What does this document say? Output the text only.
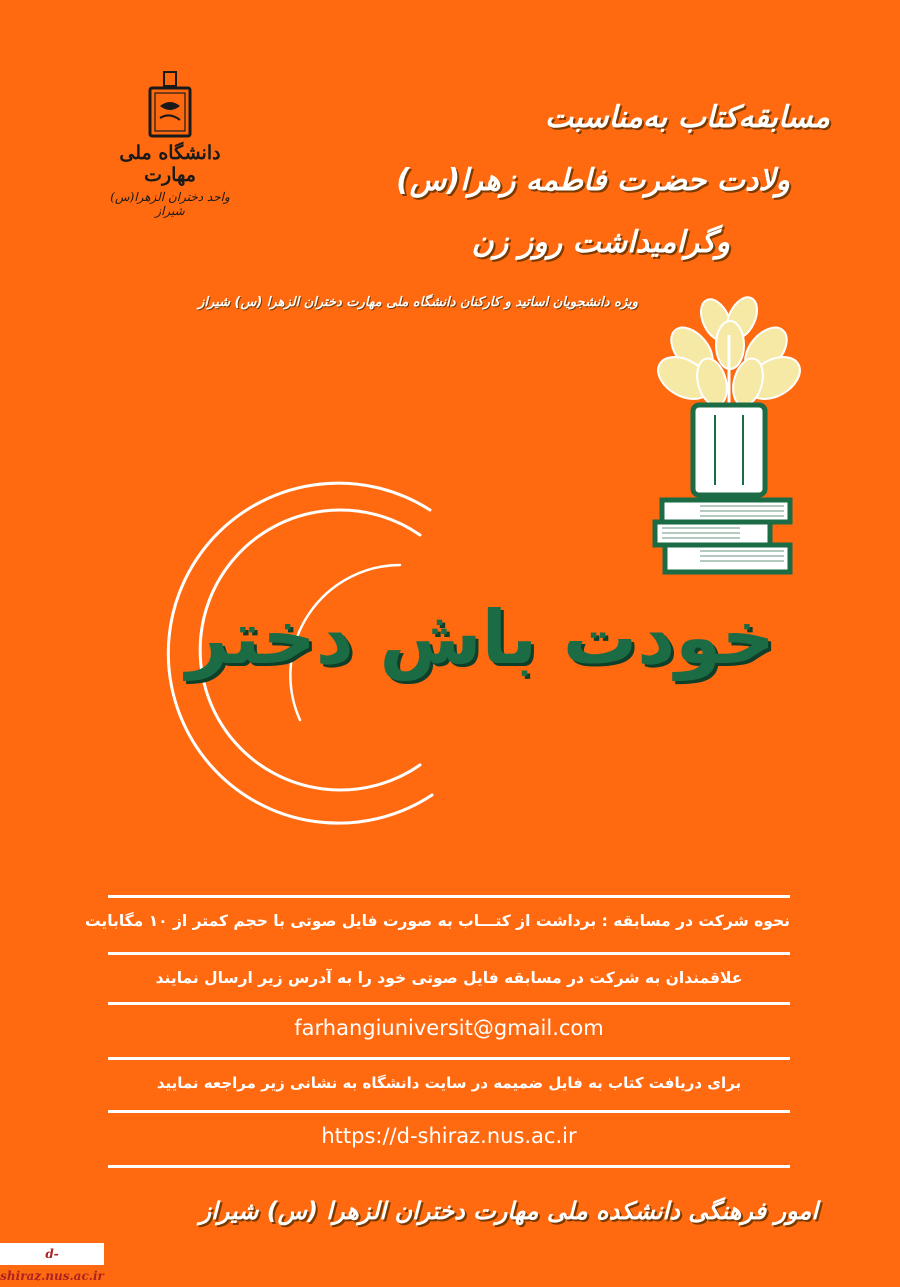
دانشگاه ملی مهارت
واحد دختران الزهرا(س) شیراز
مسابقه‌کتاب به‌مناسبت
ولادت حضرت فاطمه زهرا(س)
وگرامیداشت روز زن
ویژه دانشجویان اساتید و کارکنان دانشگاه ملی مهارت دختران الزهرا (س) شیراز
خودت باش دختر
نحوه شرکت در مسابقه : برداشت از کتـــاب به صورت فایل صوتی با حجم کمتر از ۱۰ مگابایت
علاقمندان به شرکت در مسابقه فایل صوتی خود را به آدرس زیر ارسال نمایند
farhangiuniversit@gmail.com
برای دریافت کتاب به فایل ضمیمه در سایت دانشگاه به نشانی زیر مراجعه نمایید
https://d-shiraz.nus.ac.ir
امور فرهنگی دانشکده ملی مهارت دختران الزهرا (س) شیراز
d-shiraz.nus.ac.ir
